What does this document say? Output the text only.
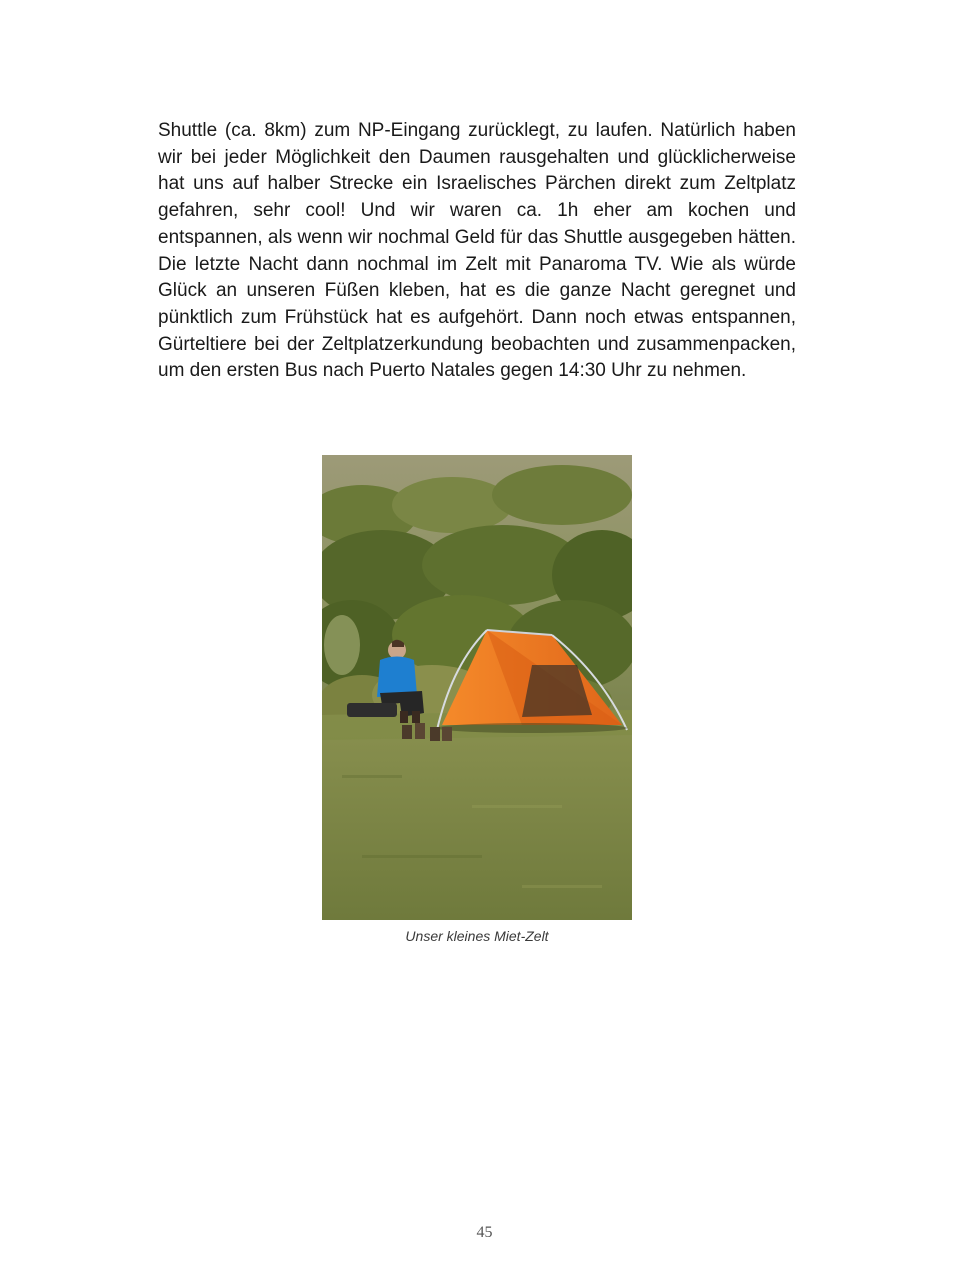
Shuttle (ca. 8km) zum NP-Eingang zurücklegt, zu laufen. Natürlich haben wir bei jeder Möglichkeit den Daumen rausgehalten und glücklicherweise hat uns auf halber Strecke ein Israelisches Pärchen direkt zum Zeltplatz gefahren, sehr cool! Und wir waren ca. 1h eher am kochen und entspannen, als wenn wir nochmal Geld für das Shuttle ausgegeben hätten.

Die letzte Nacht dann nochmal im Zelt mit Panaroma TV. Wie als würde Glück an unseren Füßen kleben, hat es die ganze Nacht geregnet und pünktlich zum Frühstück hat es aufgehört. Dann noch etwas entspannen, Gürteltiere bei der Zeltplatzerkundung beobachten und zusammenpacken, um den ersten Bus nach Puerto Natales gegen 14:30 Uhr zu nehmen.

Unser kleines Miet-Zelt
45
